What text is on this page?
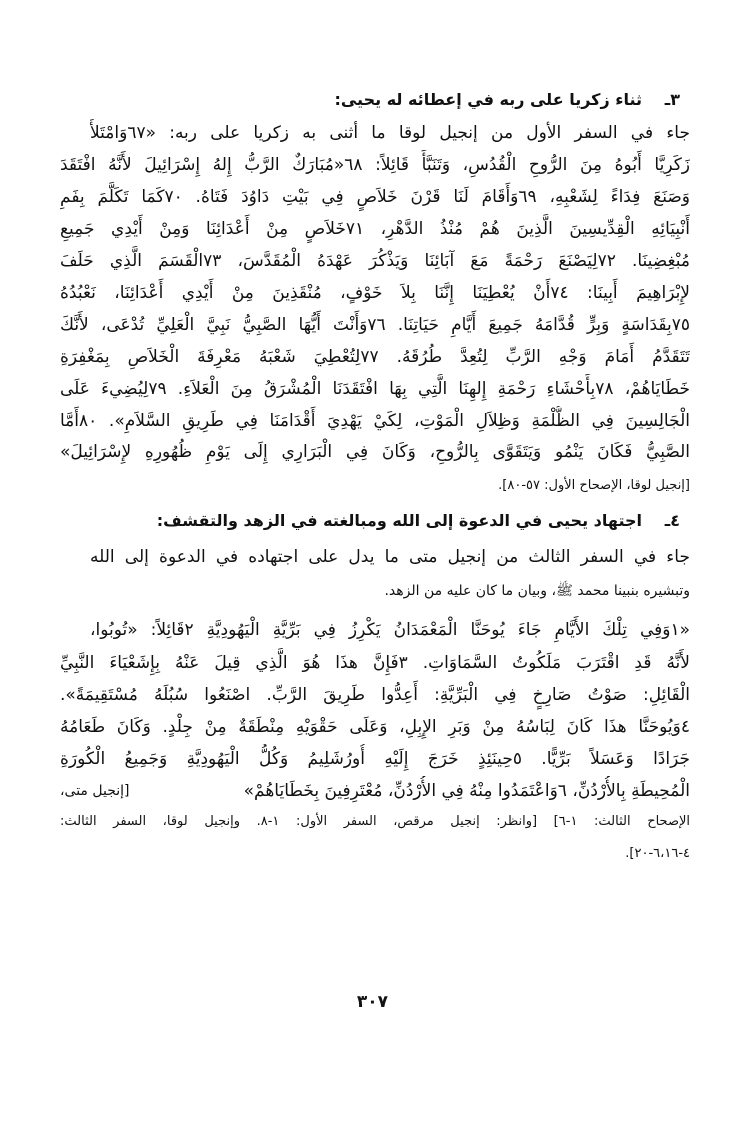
٣ـثناء زكريا على ربه في إعطائه له يحيى:
جاء في السفر الأول من إنجيل لوقا ما أثنى به زكريا على ربه: «٦٧وَامْتَلأَ
زَكَرِيَّا أَبُوهُ مِنَ الرُّوحِ الْقُدُسِ، وَتَنَبَّأَ قَائِلاً: ٦٨«مُبَارَكٌ الرَّبُّ إِلهُ إِسْرَائِيلَ لأَنَّهُ افْتَقَدَ
وَصَنَعَ فِدَاءً لِشَعْبِهِ، ٦٩وَأَقَامَ لَنَا قَرْنَ خَلاَصٍ فِي بَيْتِ دَاوُدَ فَتَاهُ. ٧٠كَمَا تَكَلَّمَ بِفَمِ
أَنْبِيَائِهِ الْقِدِّيسِينَ الَّذِينَ هُمْ مُنْذُ الدَّهْرِ، ٧١خَلاَصٍ مِنْ أَعْدَائِنَا وَمِنْ أَيْدِي جَمِيعِ
مُبْغِضِينَا. ٧٢لِيَصْنَعَ رَحْمَةً مَعَ آبَائِنَا وَيَذْكُرَ عَهْدَهُ الْمُقَدَّسَ، ٧٣الْقَسَمَ الَّذِي حَلَفَ
لإِبْرَاهِيمَ أَبِينَا: ٧٤أَنْ يُعْطِيَنَا إِنَّنَا بِلاَ خَوْفٍ، مُنْقَذِينَ مِنْ أَيْدِي أَعْدَائِنَا، نَعْبُدُهُ
٧٥بِقَدَاسَةٍ وَبِرٍّ قُدَّامَهُ جَمِيعَ أَيَّامِ حَيَاتِنَا. ٧٦وَأَنْتَ أَيُّهَا الصَّبِيُّ نَبِيَّ الْعَلِيِّ تُدْعَى، لأَنَّكَ
تَتَقَدَّمُ أَمَامَ وَجْهِ الرَّبِّ لِتُعِدَّ طُرُقَهُ. ٧٧لِتُعْطِيَ شَعْبَهُ مَعْرِفَةَ الْخَلاَصِ بِمَغْفِرَةِ
خَطَايَاهُمْ، ٧٨بِأَحْشَاءِ رَحْمَةِ إِلهِنَا الَّتِي بِهَا افْتَقَدَنَا الْمُشْرَقُ مِنَ الْعَلاَءِ. ٧٩لِيُضِيءَ عَلَى
الْجَالِسِينَ فِي الظُّلْمَةِ وَظِلاَلِ الْمَوْتِ، لِكَيْ يَهْدِيَ أَقْدَامَنَا فِي طَرِيقِ السَّلاَمِ». ٨٠أَمَّا
الصَّبِيُّ فَكَانَ يَنْمُو وَيَتَقَوَّى بِالرُّوحِ، وَكَانَ فِي الْبَرَارِي إِلَى يَوْمِ ظُهُورِهِ لإِسْرَائِيلَ»
[إنجيل لوقا، الإصحاح الأول: ٥٧-٨٠].
٤ـاجتهاد يحيى في الدعوة إلى الله ومبالغته في الزهد والتقشف:
جاء في السفر الثالث من إنجيل متى ما يدل على اجتهاده في الدعوة إلى الله
وتبشيره بنبينا محمد ﷺ، وبيان ما كان عليه من الزهد.
«١وَفِي تِلْكَ الأَيَّامِ جَاءَ يُوحَنَّا الْمَعْمَدَانُ يَكْرِزُ فِي بَرِّيَّةِ الْيَهُودِيَّةِ ٢قَائِلاً: «تُوبُوا،
لأَنَّهُ قَدِ اقْتَرَبَ مَلَكُوتُ السَّمَاوَاتِ. ٣فَإِنَّ هذَا هُوَ الَّذِي قِيلَ عَنْهُ بِإِشَعْيَاءَ النَّبِيِّ
الْقَائِلِ: صَوْتُ صَارِخٍ فِي الْبَرِّيَّةِ: أَعِدُّوا طَرِيقَ الرَّبِّ. اصْنَعُوا سُبُلَهُ مُسْتَقِيمَةً».
٤وَيُوحَنَّا هذَا كَانَ لِبَاسُهُ مِنْ وَبَرِ الإِبِلِ، وَعَلَى حَقْوَيْهِ مِنْطَقَةٌ مِنْ جِلْدٍ. وَكَانَ طَعَامُهُ
جَرَادًا وَعَسَلاً بَرِّيًّا. ٥حِينَئِذٍ خَرَجَ إِلَيْهِ أُورُشَلِيمُ وَكُلُّ الْيَهُودِيَّةِ وَجَمِيعُ الْكُورَةِ
الْمُحِيطَةِ بِالأُرْدُنِّ، ٦وَاعْتَمَدُوا مِنْهُ فِي الأُرْدُنِّ، مُعْتَرِفِينَ بِخَطَايَاهُمْ»
[إنجيل متى،
الإصحاح الثالث: ١-٦] [وانظر: إنجيل مرقص، السفر الأول: ١-٨. وإنجيل لوقا، السفر الثالث:
٤-٦،١٦-٢٠].
٣٠٧
